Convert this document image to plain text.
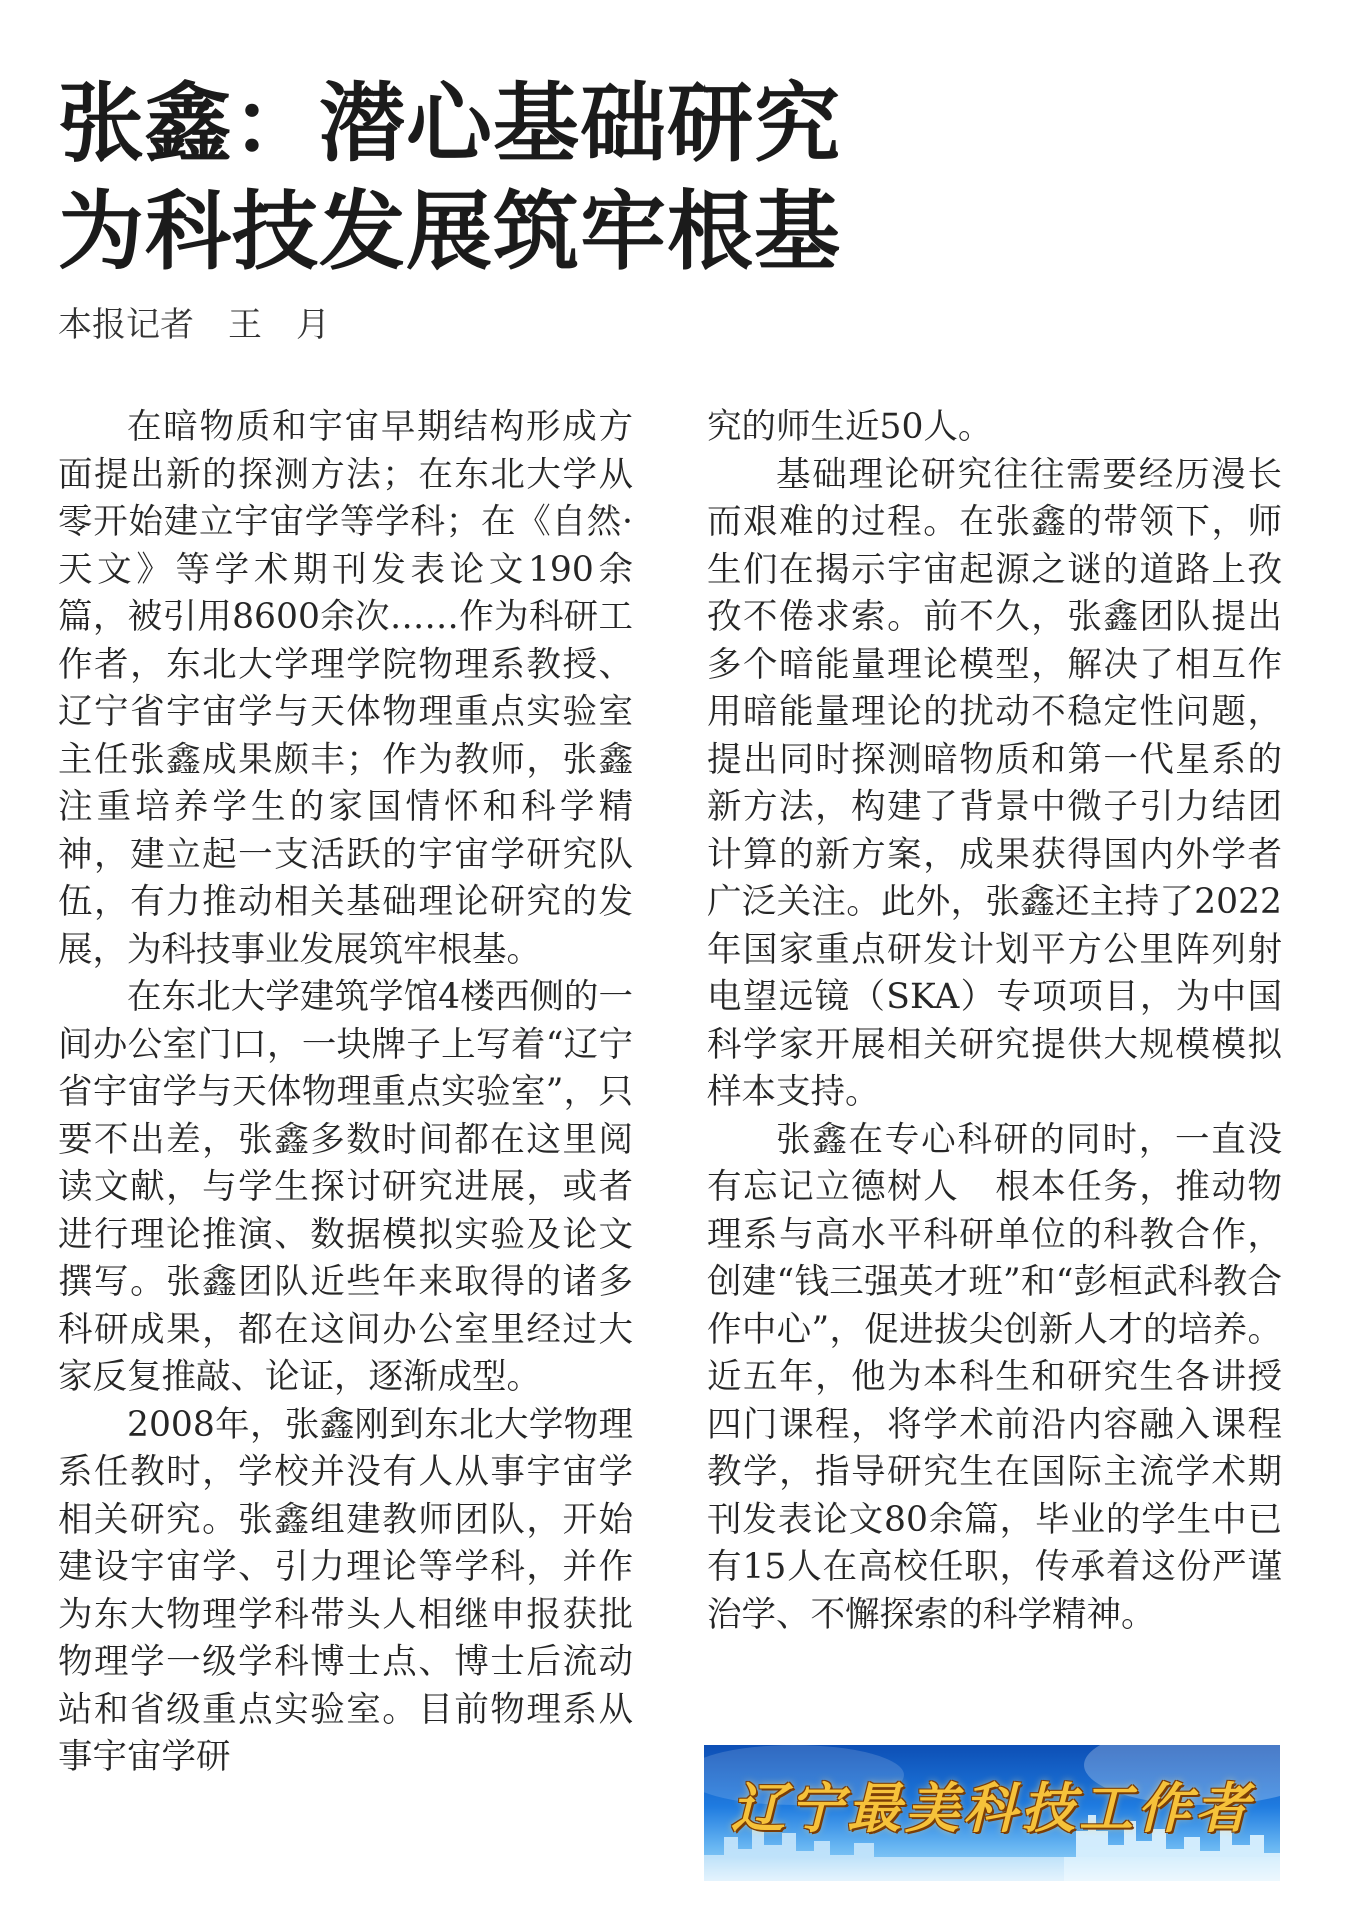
张鑫：潜心基础研究
为科技发展筑牢根基
本报记者 王月

在暗物质和宇宙早期结构形成方面提出新的探测方法；在东北大学从零开始建立宇宙学等学科；在《自然·天文》等学术期刊发表论文190余篇，被引用8600余次……作为科研工作者，东北大学理学院物理系教授、辽宁省宇宙学与天体物理重点实验室主任张鑫成果颇丰；作为教师，张鑫注重培养学生的家国情怀和科学精神，建立起一支活跃的宇宙学研究队伍，有力推动相关基础理论研究的发展，为科技事业发展筑牢根基。

在东北大学建筑学馆4楼西侧的一间办公室门口，一块牌子上写着“辽宁省宇宙学与天体物理重点实验室”，只要不出差，张鑫多数时间都在这里阅读文献，与学生探讨研究进展，或者进行理论推演、数据模拟实验及论文撰写。张鑫团队近些年来取得的诸多科研成果，都在这间办公室里经过大家反复推敲、论证，逐渐成型。

2008年，张鑫刚到东北大学物理系任教时，学校并没有人从事宇宙学相关研究。张鑫组建教师团队，开始建设宇宙学、引力理论等学科，并作为东大物理学科带头人相继申报获批物理学一级学科博士点、博士后流动站和省级重点实验室。目前物理系从事宇宙学研

究的师生近50人。

基础理论研究往往需要经历漫长而艰难的过程。在张鑫的带领下，师生们在揭示宇宙起源之谜的道路上孜孜不倦求索。前不久，张鑫团队提出多个暗能量理论模型，解决了相互作用暗能量理论的扰动不稳定性问题，提出同时探测暗物质和第一代星系的新方法，构建了背景中微子引力结团计算的新方案，成果获得国内外学者广泛关注。此外，张鑫还主持了2022年国家重点研发计划平方公里阵列射电望远镜（SKA）专项项目，为中国科学家开展相关研究提供大规模模拟样本支持。

张鑫在专心科研的同时，一直没有忘记立德树人　根本任务，推动物理系与高水平科研单位的科教合作，创建“钱三强英才班”和“彭桓武科教合作中心”，促进拔尖创新人才的培养。近五年，他为本科生和研究生各讲授四门课程，将学术前沿内容融入课程教学，指导研究生在国际主流学术期刊发表论文80余篇，毕业的学生中已有15人在高校任职，传承着这份严谨治学、不懈探索的科学精神。

辽宁最美科技工作者
